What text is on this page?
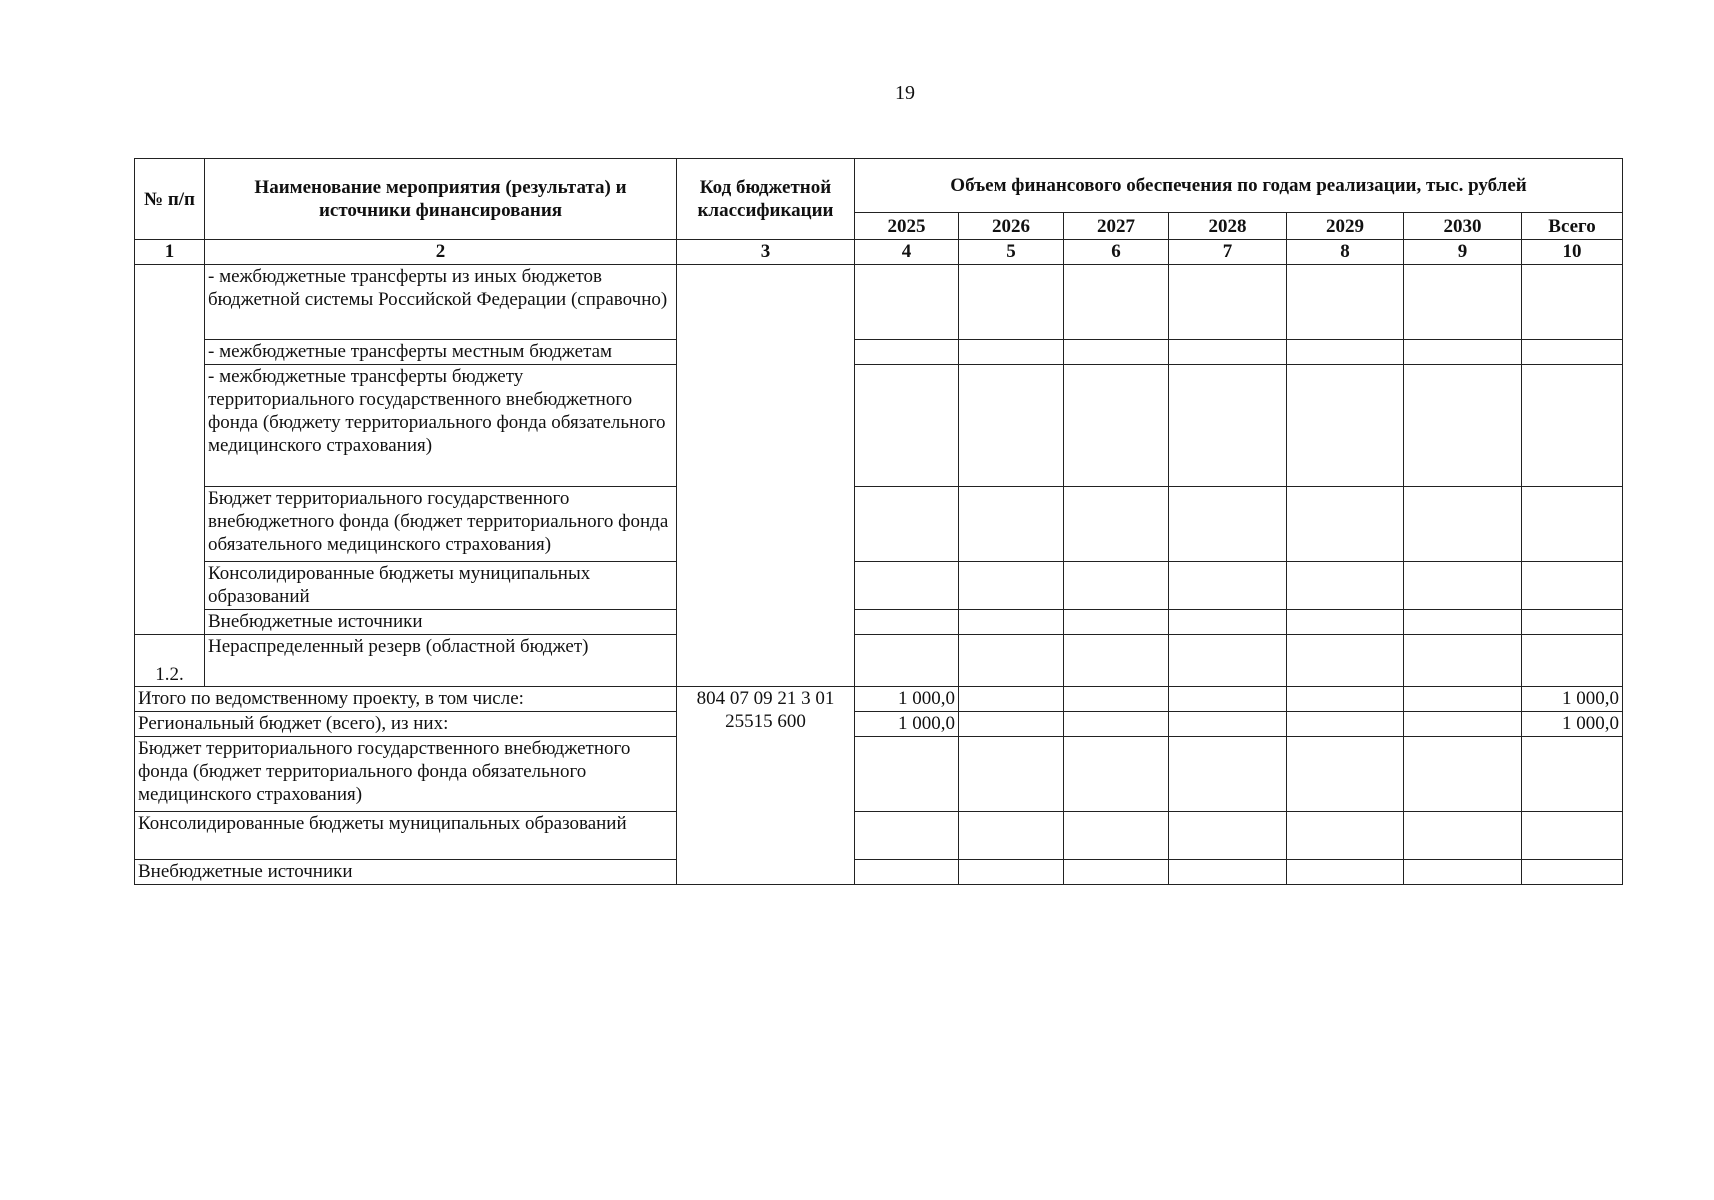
19
№ п/п	Наименование мероприятия (результата) и источники финансирования	Код бюджетной классификации	Объем финансового обеспечения по годам реализации, тыс. рублей						
			2025	2026	2027	2028	2029	2030	Всего
1	2	3	4	5	6	7	8	9	10
	- межбюджетные трансферты из иных бюджетов бюджетной системы Российской Федерации (справочно)								
	- межбюджетные трансферты местным бюджетам								
	- межбюджетные трансферты бюджету территориального государственного внебюджетного фонда (бюджету территориального фонда обязательного медицинского страхования)								
	Бюджет территориального государственного внебюджетного фонда (бюджет территориального фонда обязательного медицинского страхования)								
	Консолидированные бюджеты муниципальных образований								
	Внебюджетные источники								
1.2.	Нераспределенный резерв (областной бюджет)								
Итого по ведомственному проекту, в том числе:		804 07 09 21 3 01 25515 600	1 000,0						1 000,0
Региональный бюджет (всего), из них:			1 000,0						1 000,0
Бюджет территориального государственного внебюджетного фонда (бюджет территориального фонда обязательного медицинского страхования)									
Консолидированные бюджеты муниципальных образований									
Внебюджетные источники									
